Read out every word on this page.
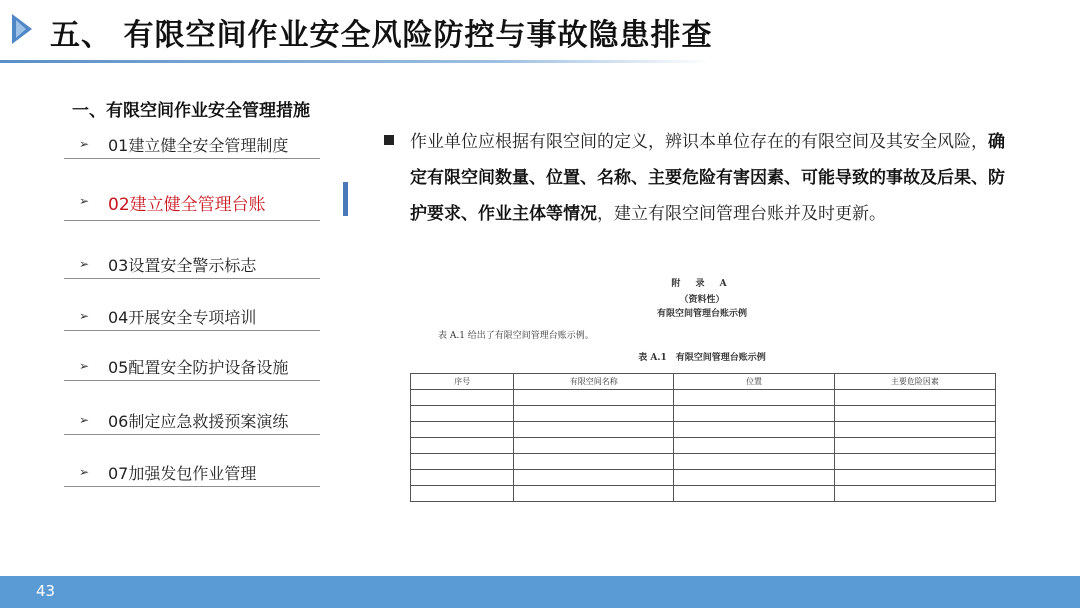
五、 有限空间作业安全风险防控与事故隐患排查
一、有限空间作业安全管理措施
➢ 01建立健全安全管理制度
➢ 02建立健全管理台账
➢ 03设置安全警示标志
➢ 04开展安全专项培训
➢ 05配置安全防护设备设施
➢ 06制定应急救援预案演练
➢ 07加强发包作业管理
作业单位应根据有限空间的定义，辨识本单位存在的有限空间及其安全风险，确定有限空间数量、位置、名称、主要危险有害因素、可能导致的事故及后果、防护要求、作业主体等情况，建立有限空间管理台账并及时更新。
附 录 A
（资料性）
有限空间管理台账示例
表 A.1 给出了有限空间管理台账示例。
表 A.1　有限空间管理台账示例
序号	有限空间名称	位置	主要危险因素

43
